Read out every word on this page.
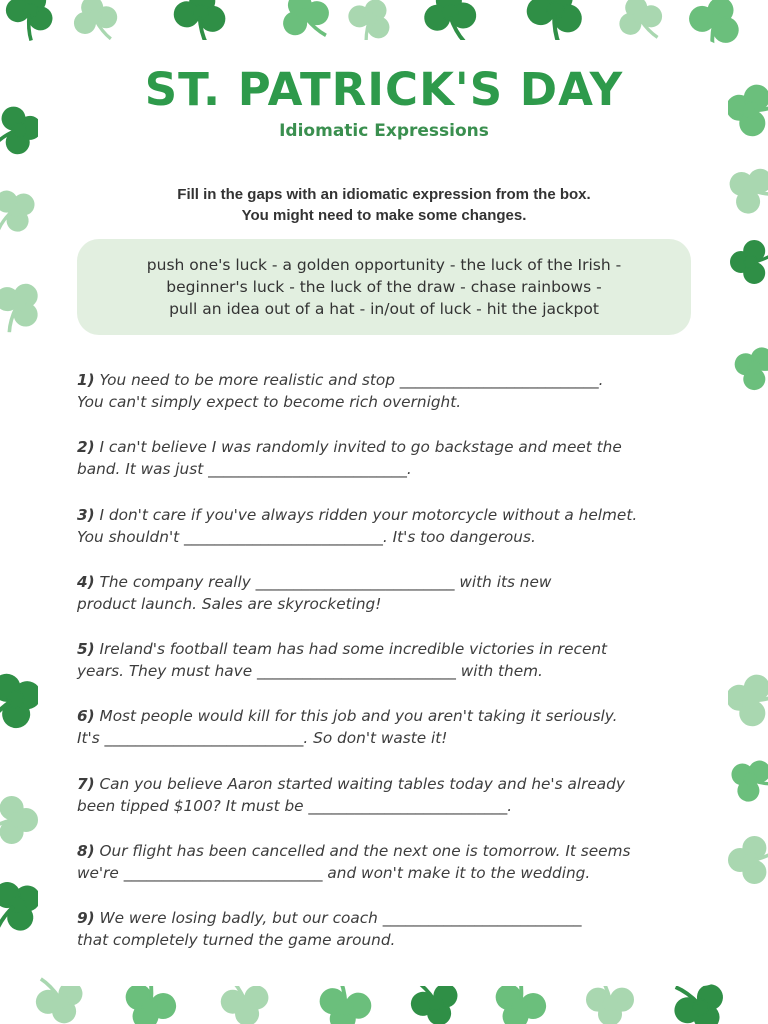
ST. PATRICK'S DAY
Idiomatic Expressions
Fill in the gaps with an idiomatic expression from the box.
You might need to make some changes.
push one's luck - a golden opportunity - the luck of the Irish -
beginner's luck - the luck of the draw - chase rainbows -
pull an idea out of a hat - in/out of luck - hit the jackpot
1) You need to be more realistic and stop __________________________.
You can't simply expect to become rich overnight.
2) I can't believe I was randomly invited to go backstage and meet the
band. It was just __________________________.
3) I don't care if you've always ridden your motorcycle without a helmet.
You shouldn't __________________________. It's too dangerous.
4) The company really __________________________ with its new
product launch. Sales are skyrocketing!
5) Ireland's football team has had some incredible victories in recent
years. They must have __________________________ with them.
6) Most people would kill for this job and you aren't taking it seriously.
It's __________________________. So don't waste it!
7) Can you believe Aaron started waiting tables today and he's already
been tipped $100? It must be __________________________.
8) Our flight has been cancelled and the next one is tomorrow. It seems
we're __________________________ and won't make it to the wedding.
9) We were losing badly, but our coach __________________________
that completely turned the game around.
